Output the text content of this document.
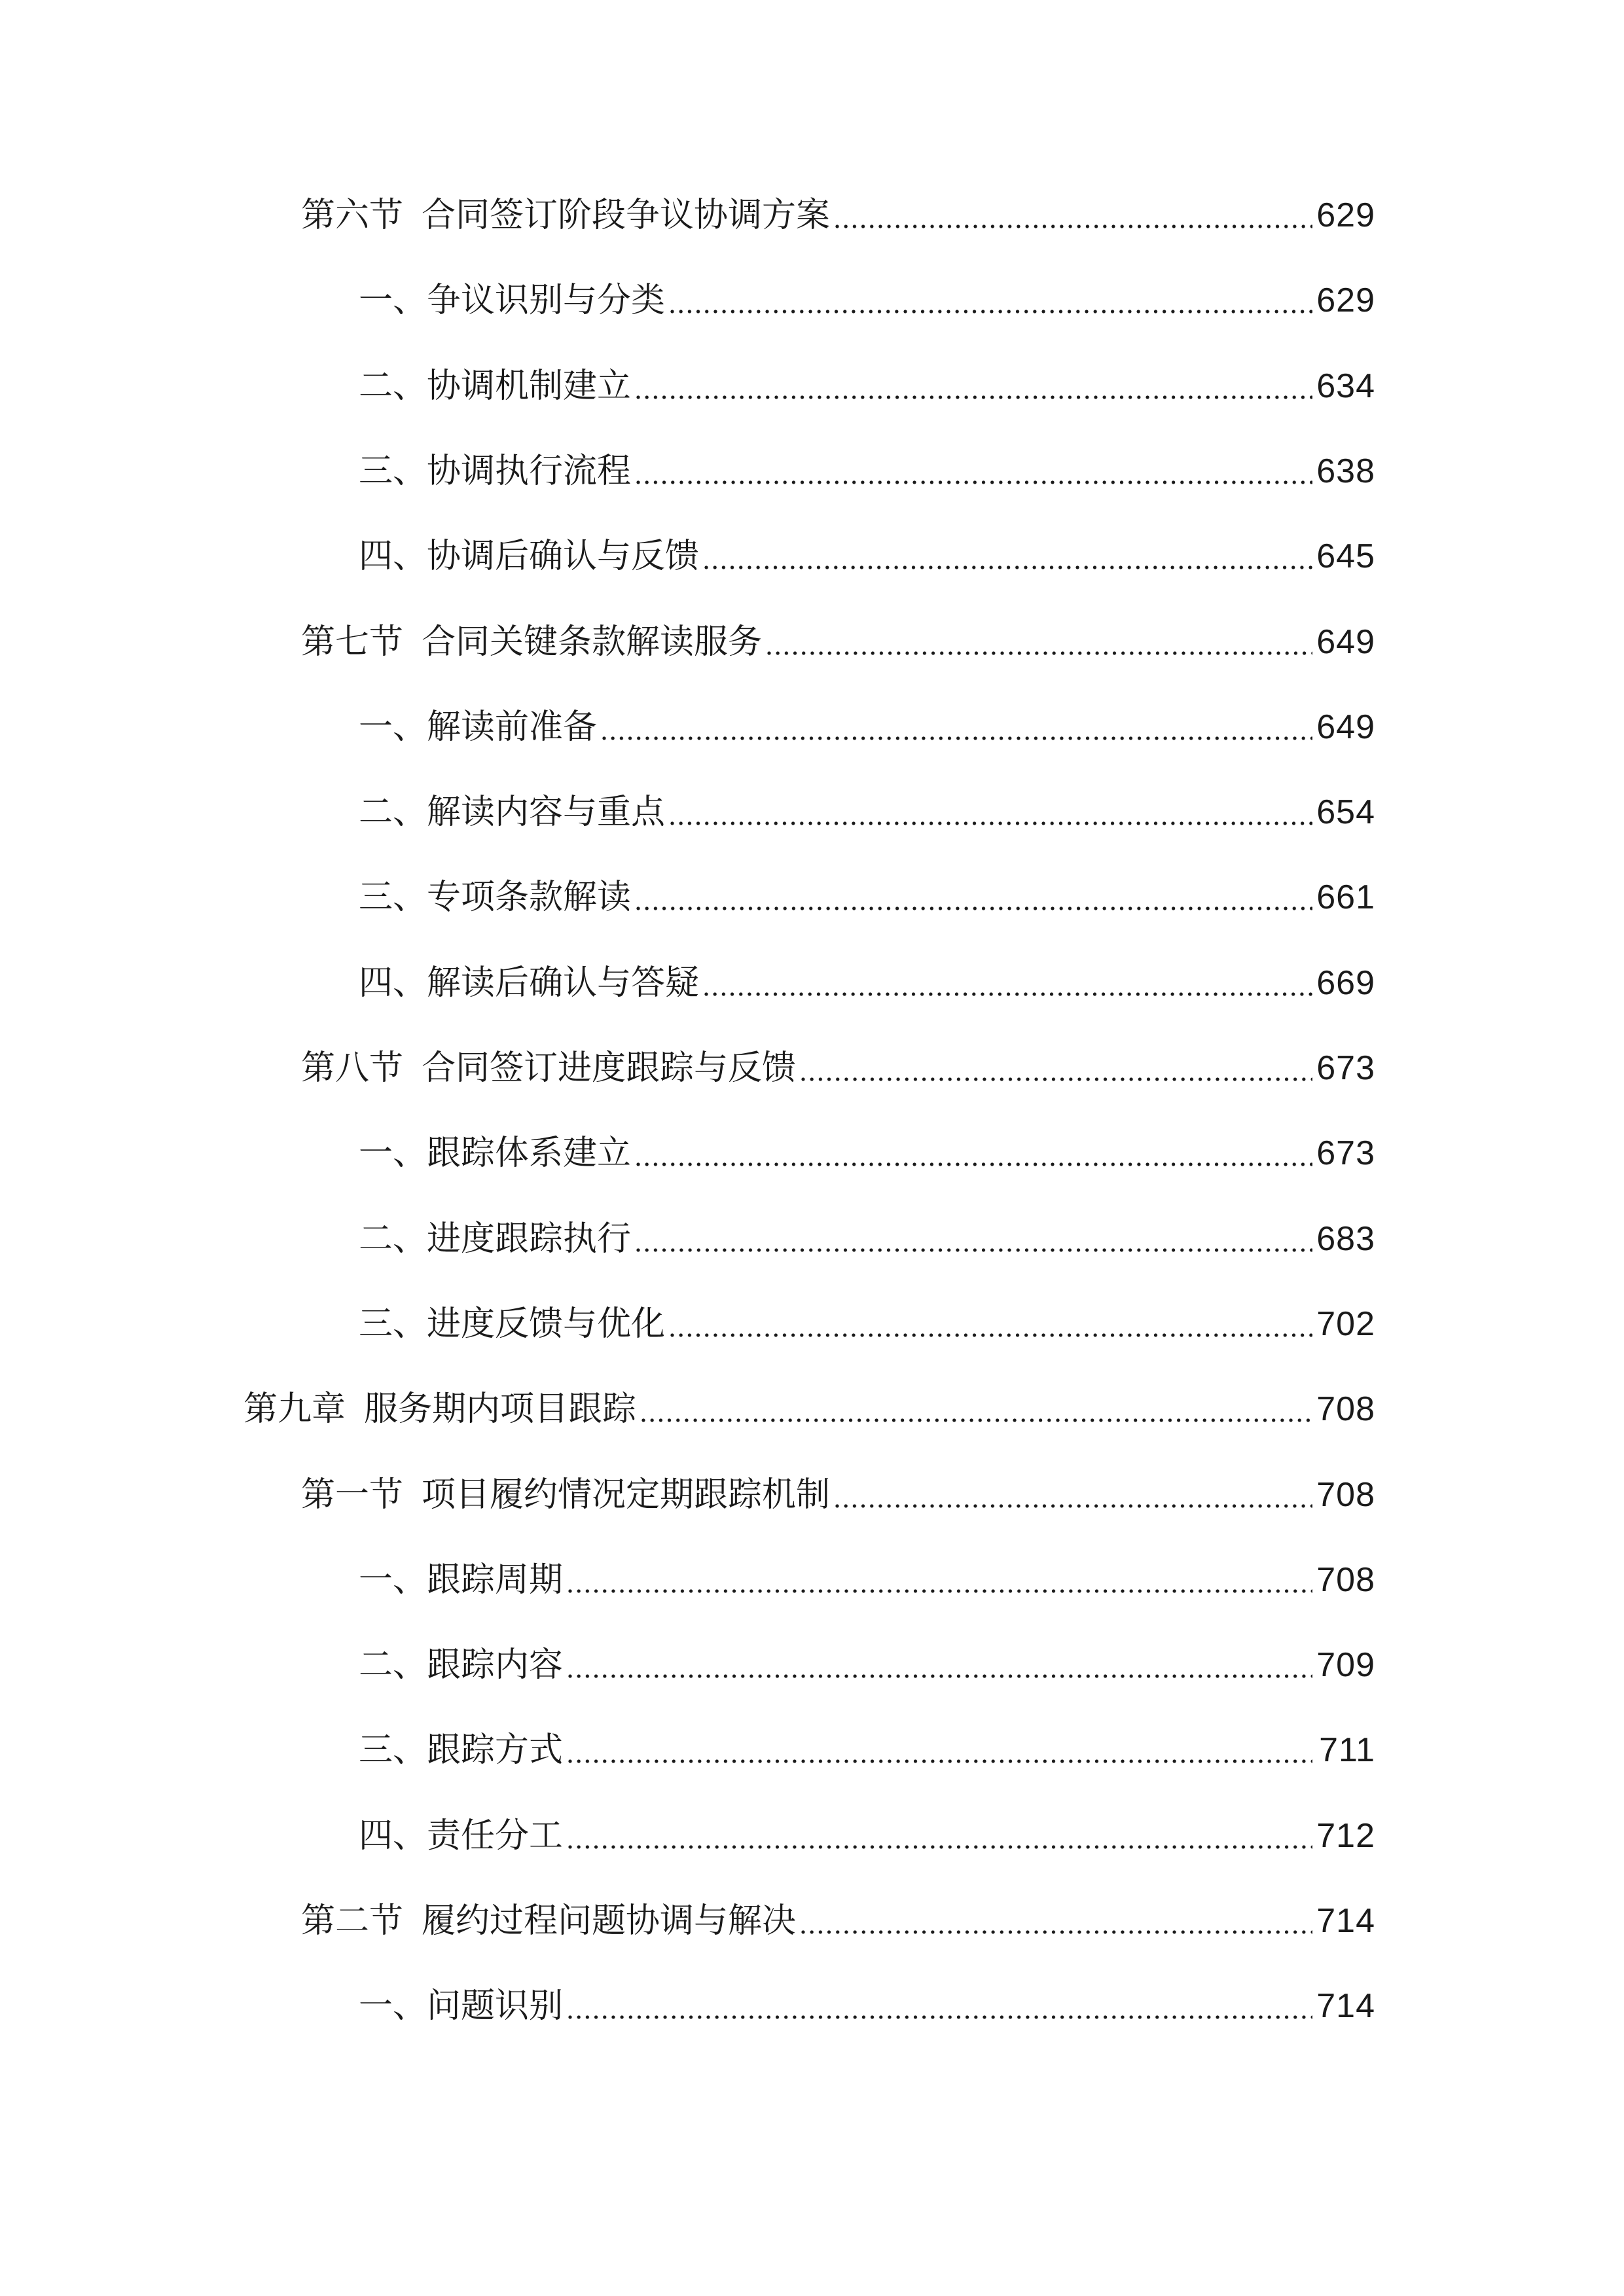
第六节 合同签订阶段争议协调方案	629
一、争议识别与分类	629
二、协调机制建立	634
三、协调执行流程	638
四、协调后确认与反馈	645
第七节 合同关键条款解读服务	649
一、解读前准备	649
二、解读内容与重点	654
三、专项条款解读	661
四、解读后确认与答疑	669
第八节 合同签订进度跟踪与反馈	673
一、跟踪体系建立	673
二、进度跟踪执行	683
三、进度反馈与优化	702
第九章 服务期内项目跟踪	708
第一节 项目履约情况定期跟踪机制	708
一、跟踪周期	708
二、跟踪内容	709
三、跟踪方式	711
四、责任分工	712
第二节 履约过程问题协调与解决	714
一、问题识别	714
